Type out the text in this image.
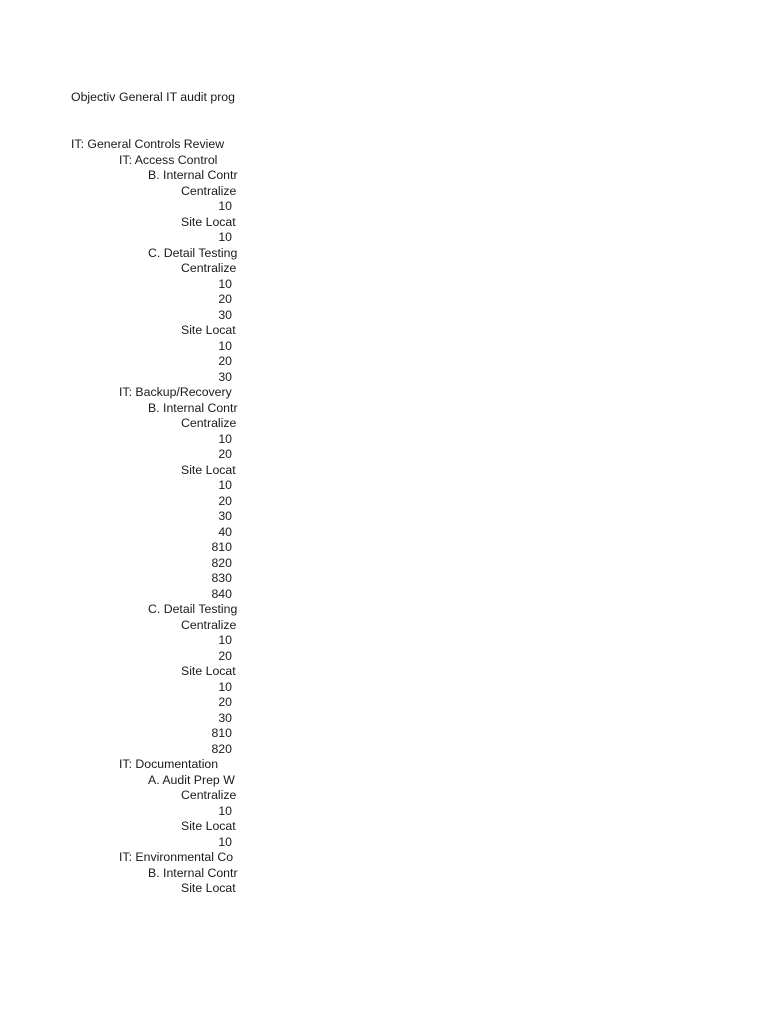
Objectiv General IT audit prog
IT: General Controls Review
IT: Access Control
B. Internal Contr
Centralize
10
Site Locat
10
C. Detail Testing
Centralize
10
20
30
Site Locat
10
20
30
IT: Backup/Recovery
B. Internal Contr
Centralize
10
20
Site Locat
10
20
30
40
810
820
830
840
C. Detail Testing
Centralize
10
20
Site Locat
10
20
30
810
820
IT: Documentation
A. Audit Prep W
Centralize
10
Site Locat
10
IT: Environmental Co
B. Internal Contr
Site Locat
